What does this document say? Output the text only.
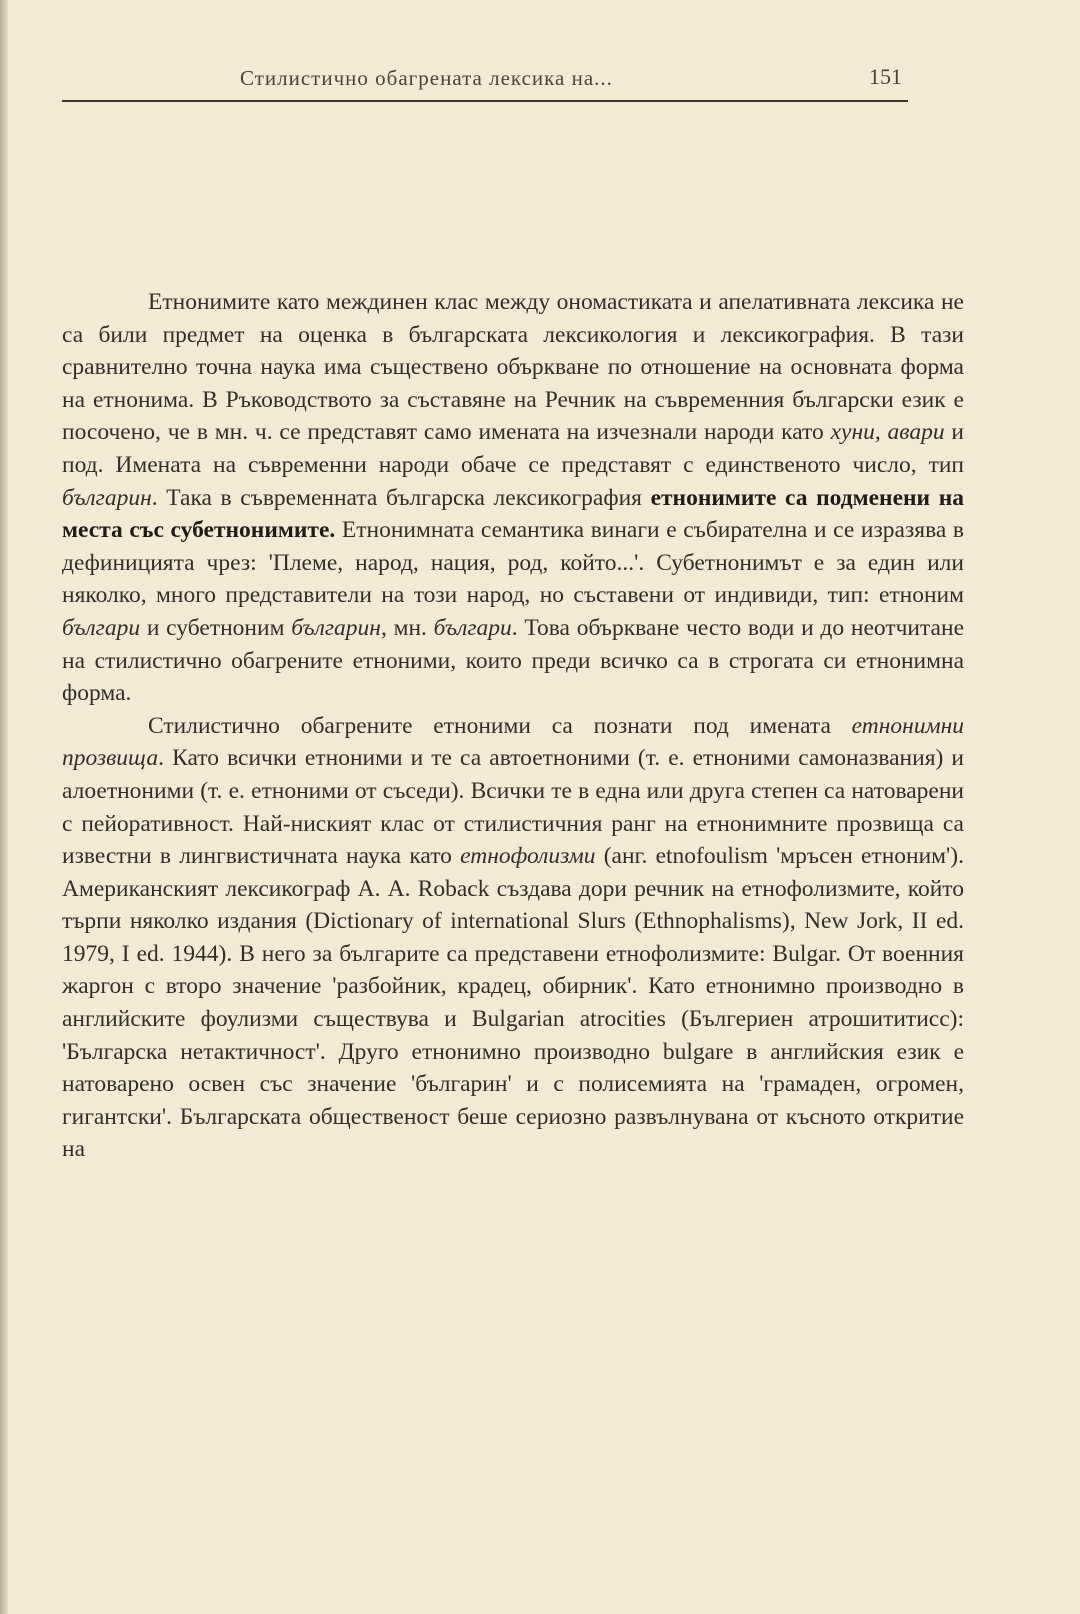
Стилистично обагрената лексика на...	151

Етнонимите като междинен клас между ономастиката и апелативната лексика не са били предмет на оценка в българската лексикология и лексикография. В тази сравнително точна наука има съществено объркване по отношение на основната форма на етнонима. В Ръководството за съставяне на Речник на съвременния български език е посочено, че в мн. ч. се представят само имената на изчезнали народи като хуни, авари и под. Имената на съвременни народи обаче се представят с единственото число, тип българин. Така в съвременната българска лексикография етнонимите са подменени на места със субетнонимите. Етнонимната семантика винаги е събирателна и се изразява в дефиницията чрез: 'Племе, народ, нация, род, който...'. Субетнонимът е за един или няколко, много представители на този народ, но съставени от индивиди, тип: етноним българи и субетноним българин, мн. българи. Това объркване често води и до неотчитане на стилистично обагрените етноними, които преди всичко са в строгата си етнонимна форма.

Стилистично обагрените етноними са познати под имената етнонимни прозвища. Като всички етноними и те са автоетноними (т. е. етноними самоназвания) и алоетноними (т. е. етноними от съседи). Всички те в една или друга степен са натоварени с пейоративност. Най-ниският клас от стилистичния ранг на етнонимните прозвища са известни в лингвистичната наука като етнофолизми (анг. etnofoulism 'мръсен етноним'). Американският лексикограф А. А. Roback създава дори речник на етнофолизмите, който търпи няколко издания (Dictionary of international Slurs (Ethnophalisms), New Jork, II ed. 1979, I ed. 1944). В него за българите са представени етнофолизмите: Bulgar. От военния жаргон с второ значение 'разбойник, крадец, обирник'. Като етнонимно производно в английските фоулизми съществува и Bulgarian atrocities (Бългериен атрошититисс): 'Българска нетактичност'. Друго етнонимно производно bulgare в английския език е натоварено освен със значение 'българин' и с полисемията на 'грамаден, огромен, гигантски'. Българската общественост беше сериозно развълнувана от късното откритие на
